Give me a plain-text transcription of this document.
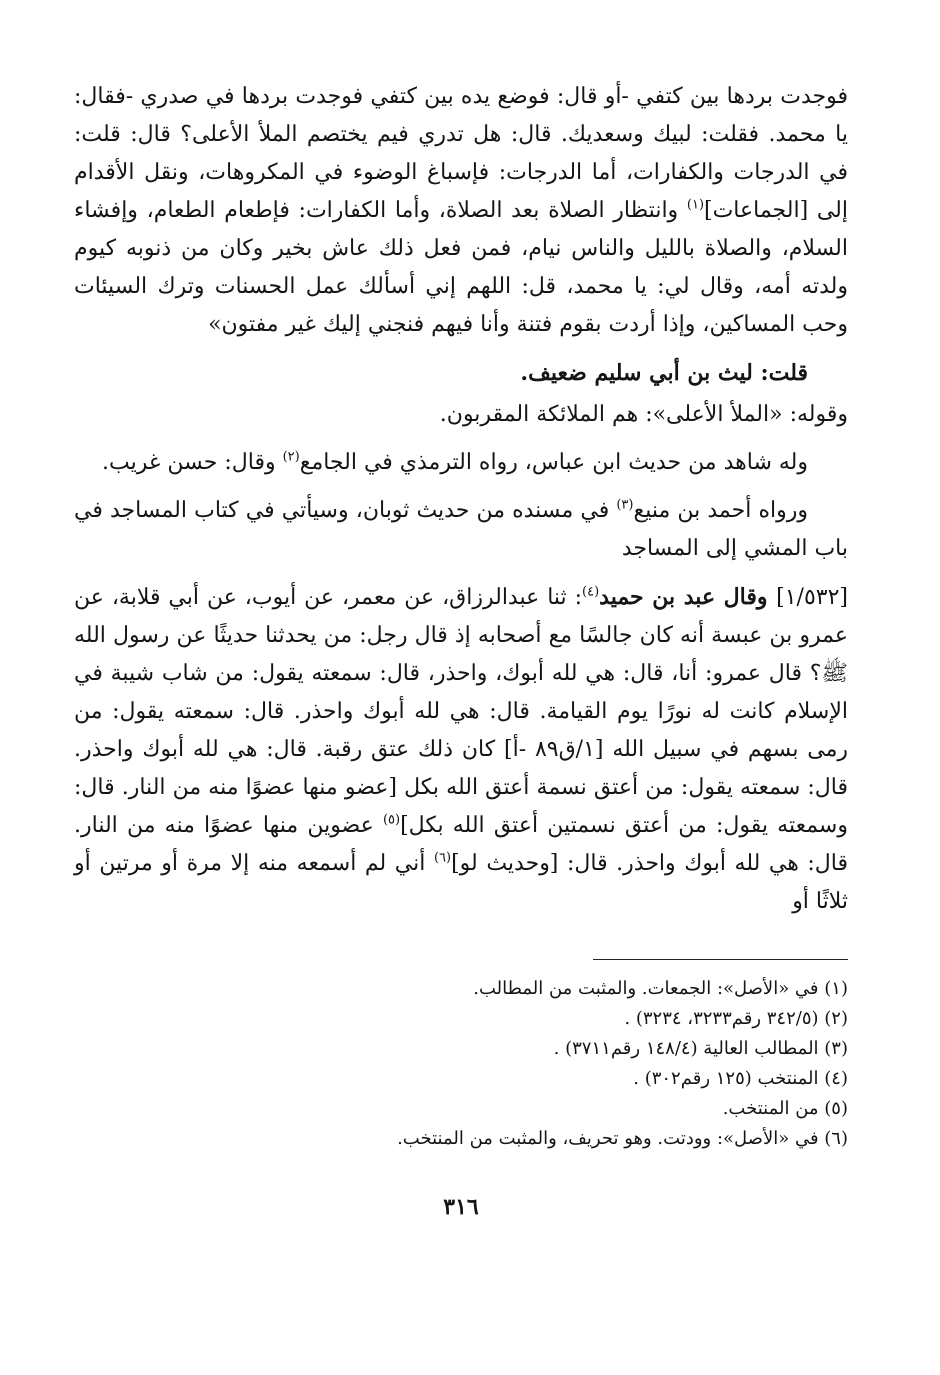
فوجدت بردها بين كتفي -أو قال: فوضع يده بين كتفي فوجدت بردها في صدري -فقال: يا محمد. فقلت: لبيك وسعديك. قال: هل تدري فيم يختصم الملأ الأعلى؟ قال: قلت: في الدرجات والكفارات، أما الدرجات: فإسباغ الوضوء في المكروهات، ونقل الأقدام إلى [الجماعات]$^{(١)}$ وانتظار الصلاة بعد الصلاة، وأما الكفارات: فإطعام الطعام، وإفشاء السلام، والصلاة بالليل والناس نيام، فمن فعل ذلك عاش بخير وكان من ذنوبه كيوم ولدته أمه، وقال لي: يا محمد، قل: اللهم إني أسألك عمل الحسنات وترك السيئات وحب المساكين، وإذا أردت بقوم فتنة وأنا فيهم فنجني إليك غير مفتون»

قلت: ليث بن أبي سليم ضعيف.

وقوله: «الملأ الأعلى»: هم الملائكة المقربون.

وله شاهد من حديث ابن عباس، رواه الترمذي في الجامع$^{(٢)}$ وقال: حسن غريب.

ورواه أحمد بن منيع$^{(٣)}$ في مسنده من حديث ثوبان، وسيأتي في كتاب المساجد في باب المشي إلى المساجد

[١/٥٣٢] وقال عبد بن حميد$^{(٤)}$: ثنا عبدالرزاق، عن معمر، عن أيوب، عن أبي قلابة، عن عمرو بن عبسة أنه كان جالسًا مع أصحابه إذ قال رجل: من يحدثنا حديثًا عن رسول الله ﷺ؟ قال عمرو: أنا، قال: هي لله أبوك، واحذر، قال: سمعته يقول: من شاب شيبة في الإسلام كانت له نورًا يوم القيامة. قال: هي لله أبوك واحذر. قال: سمعته يقول: من رمى بسهم في سبيل الله [١/ق٨٩ -أ] كان ذلك عتق رقبة. قال: هي لله أبوك واحذر. قال: سمعته يقول: من أعتق نسمة أعتق الله بكل [عضو منها عضوًا منه من النار. قال: وسمعته يقول: من أعتق نسمتين أعتق الله بكل]$^{(٥)}$ عضوين منها عضوًا منه من النار. قال: هي لله أبوك واحذر. قال: [وحديث لو]$^{(٦)}$ أني لم أسمعه منه إلا مرة أو مرتين أو ثلاثًا أو

(١) في «الأصل»: الجمعات. والمثبت من المطالب.

(٢) (٣٤٢/٥ رقم٣٢٣٣، ٣٢٣٤) .

(٣) المطالب العالية (١٤٨/٤ رقم٣٧١١) .

(٤) المنتخب (١٢٥ رقم٣٠٢) .

(٥) من المنتخب.

(٦) في «الأصل»: وودتت. وهو تحريف، والمثبت من المنتخب.

٣١٦
